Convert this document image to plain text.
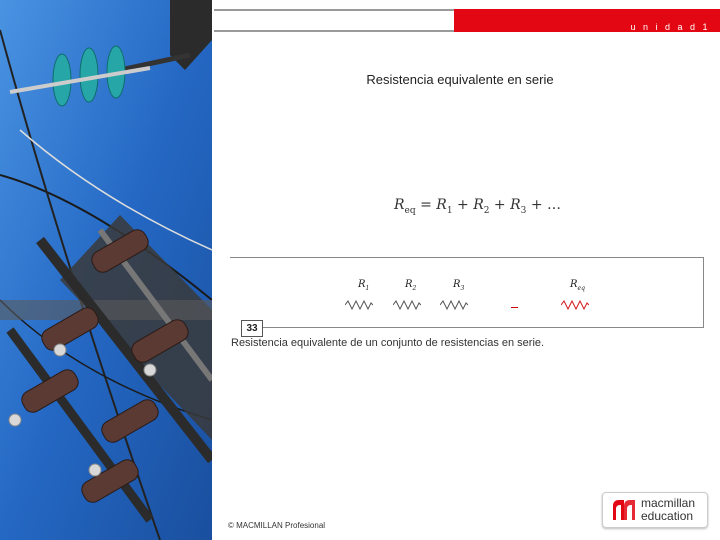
u n i d a d 1
Resistencia equivalente en serie
$R_{eq} = R_1 + R_2 + R_3$ + …
$R_1$	$R_2$	$R_3$	$R_{eq}$
33
Resistencia equivalente de un conjunto de resistencias en serie.
© MACMILLAN Profesional
macmillan
education
